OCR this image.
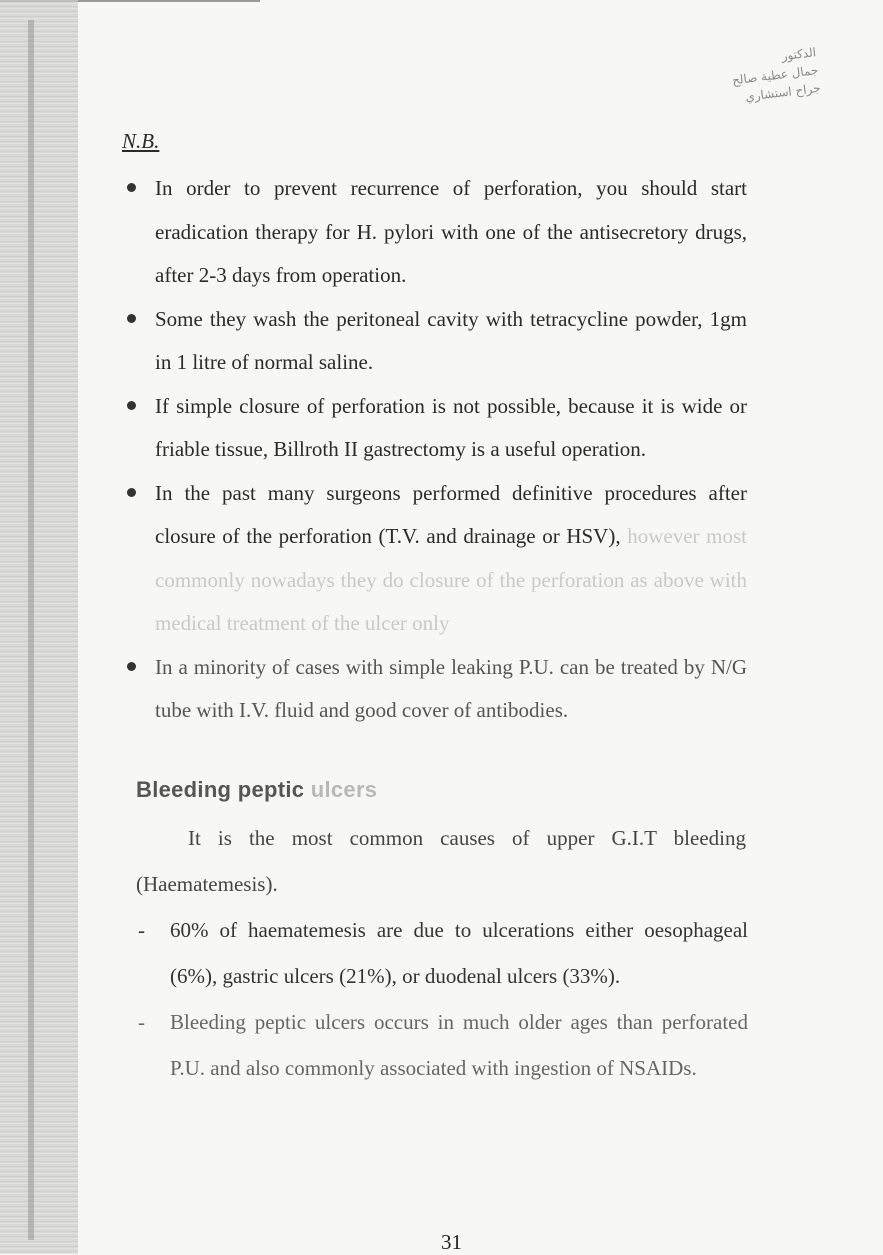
الدكتور
جمال عطية صالح
جراح استشاري

N.B.

In order to prevent recurrence of perforation, you should start eradication therapy for H. pylori with one of the antisecretory drugs, after 2-3 days from operation.
Some they wash the peritoneal cavity with tetracycline powder, 1gm in 1 litre of normal saline.
If simple closure of perforation is not possible, because it is wide or friable tissue, Billroth II gastrectomy is a useful operation.
In the past many surgeons performed definitive procedures after closure of the perforation (T.V. and drainage or HSV), however most commonly nowadays they do closure of the perforation as above with medical treatment of the ulcer only
In a minority of cases with simple leaking P.U. can be treated by N/G tube with I.V. fluid and good cover of antibodies.
Bleeding peptic ulcers

It is the most common causes of upper G.I.T bleeding (Haematemesis).

- 60% of haematemesis are due to ulcerations either oesophageal (6%), gastric ulcers (21%), or duodenal ulcers (33%).
- Bleeding peptic ulcers occurs in much older ages than perforated P.U. and also commonly associated with ingestion of NSAIDs.

31
